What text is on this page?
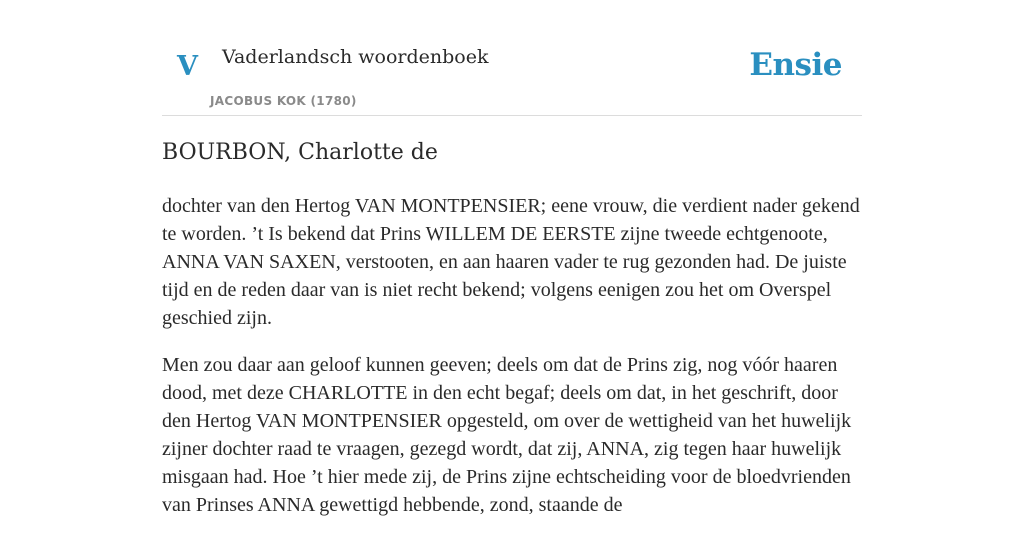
V Vaderlandsch woordenboek
JACOBUS KOK (1780)
Ensie
BOURBON, Charlotte de

dochter van den Hertog VAN MONTPENSIER; eene vrouw, die verdient nader gekend te worden. ’t Is bekend dat Prins WILLEM DE EERSTE zijne tweede echtgenoote, ANNA VAN SAXEN, verstooten, en aan haaren vader te rug gezonden had. De juiste tijd en de reden daar van is niet recht bekend; volgens eenigen zou het om Overspel geschied zijn.

Men zou daar aan geloof kunnen geeven; deels om dat de Prins zig, nog vóór haaren dood, met deze CHARLOTTE in den echt begaf; deels om dat, in het geschrift, door den Hertog VAN MONTPENSIER opgesteld, om over de wettigheid van het huwelijk zijner dochter raad te vraagen, gezegd wordt, dat zij, ANNA, zig tegen haar huwelijk misgaan had. Hoe ’t hier mede zij, de Prins zijne echtscheiding voor de bloedvrienden van Prinses ANNA gewettigd hebbende, zond, staande de
